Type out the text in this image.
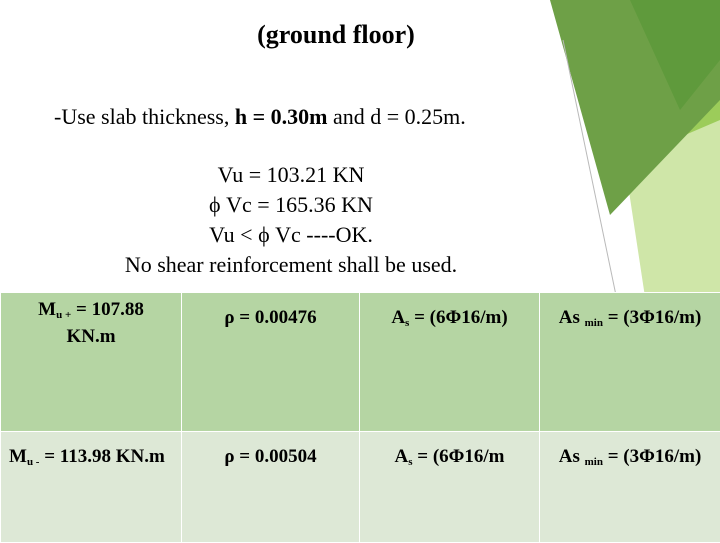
(ground floor)
-Use slab thickness, h = 0.30m and d = 0.25m.
Vu = 103.21 KN
ϕ Vc = 165.36 KN
Vu < ϕ Vc ----OK.
No shear reinforcement shall be used.
$M_{u +} = 107.88$
KN.m	ρ = 0.00476	$A_s = (6\Phi 16/m)$	As $_{min}$ = (3Φ16/m)

$M_{u -} = 113.98$ KN.m	ρ = 0.00504	$A_s = (6\Phi 16/m$	As $_{min}$ = (3Φ16/m)
